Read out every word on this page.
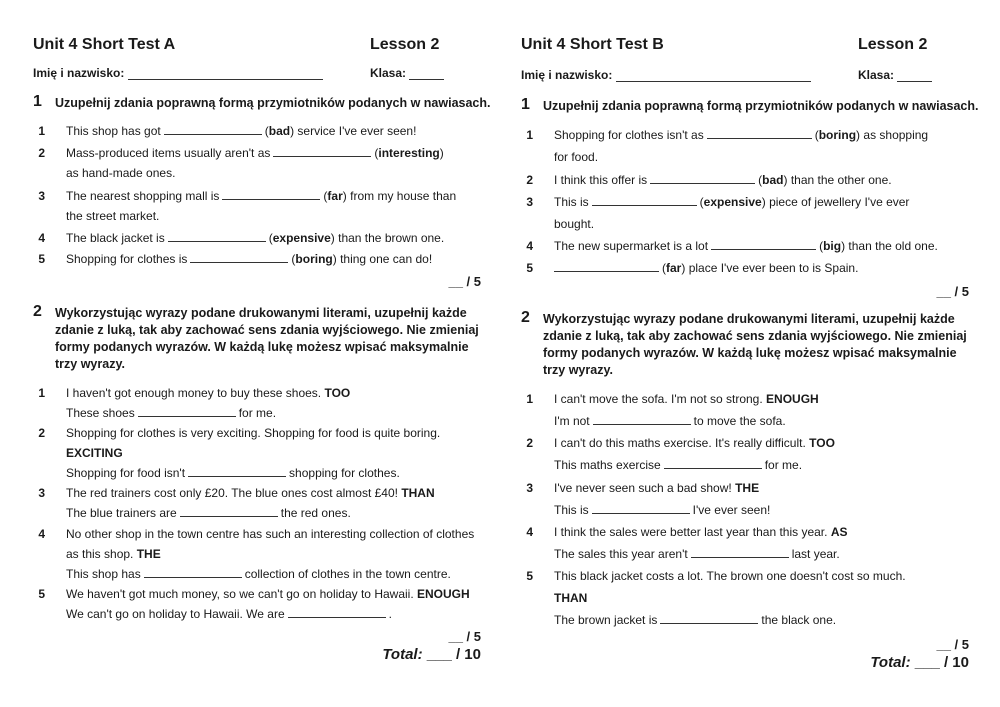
Unit 4 Short Test A	Lesson 2
Imię i nazwisko:	Klasa:
1 Uzupełnij zdania poprawną formą przymiotników podanych w nawiasach.
1 This shop has got	(bad) service I've ever seen!
2 Mass-produced items usually aren't as	(interesting)
as hand-made ones.
3 The nearest shopping mall is	(far) from my house than
the street market.
4 The black jacket is	(expensive) than the brown one.
5 Shopping for clothes is	(boring) thing one can do!
__ / 5
2 Wykorzystując wyrazy podane drukowanymi literami, uzupełnij każde zdanie z luką, tak aby zachować sens zdania wyjściowego. Nie zmieniaj formy podanych wyrazów. W każdą lukę możesz wpisać maksymalnie trzy wyrazy.
1 I haven't got enough money to buy these shoes. TOO
These shoes	for me.
2 Shopping for clothes is very exciting. Shopping for food is quite boring.
EXCITING
Shopping for food isn't	shopping for clothes.
3 The red trainers cost only £20. The blue ones cost almost £40! THAN
The blue trainers are	the red ones.
4 No other shop in the town centre has such an interesting collection of clothes
as this shop. THE
This shop has	collection of clothes in the town centre.
5 We haven't got much money, so we can't go on holiday to Hawaii. ENOUGH
We can't go on holiday to Hawaii. We are	.
__ / 5
Total: ___ / 10
Unit 4 Short Test B	Lesson 2
Imię i nazwisko:	Klasa:
1 Uzupełnij zdania poprawną formą przymiotników podanych w nawiasach.
1 Shopping for clothes isn't as	(boring) as shopping
for food.
2 I think this offer is	(bad) than the other one.
3 This is	(expensive) piece of jewellery I've ever
bought.
4 The new supermarket is a lot	(big) than the old one.
5	(far) place I've ever been to is Spain.
__ / 5
2 Wykorzystując wyrazy podane drukowanymi literami, uzupełnij każde zdanie z luką, tak aby zachować sens zdania wyjściowego. Nie zmieniaj formy podanych wyrazów. W każdą lukę możesz wpisać maksymalnie trzy wyrazy.
1 I can't move the sofa. I'm not so strong. ENOUGH
I'm not	to move the sofa.
2 I can't do this maths exercise. It's really difficult. TOO
This maths exercise	for me.
3 I've never seen such a bad show! THE
This is	I've ever seen!
4 I think the sales were better last year than this year. AS
The sales this year aren't	last year.
5 This black jacket costs a lot. The brown one doesn't cost so much.
THAN
The brown jacket is	the black one.
__ / 5
Total: ___ / 10
